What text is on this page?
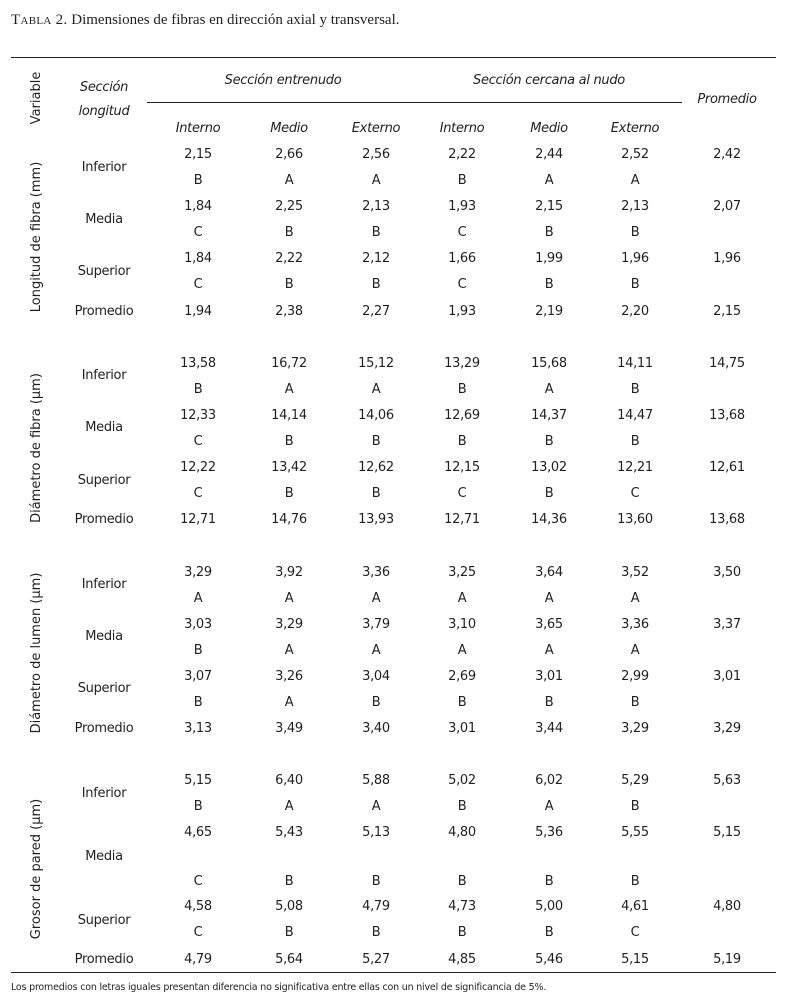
Tabla 2. Dimensiones de fibras en dirección axial y transversal.
Variable	Sección
longitud
Sección entrenudo	Sección cercana al nudo
Promedio
Interno	Medio	Externo	Interno	Medio	Externo
Longitud de fibra (mm)	Inferior
2,15	2,66	2,56	2,22	2,44	2,52	2,42
B	A	A	B	A	A
Media
1,84	2,25	2,13	1,93	2,15	2,13	2,07
C	B	B	C	B	B
Superior
1,84	2,22	2,12	1,66	1,99	1,96	1,96
C	B	B	C	B	B
Promedio	1,94	2,38	2,27	1,93	2,19	2,20	2,15
Diámetro de fibra (µm)	Inferior
13,58	16,72	15,12	13,29	15,68	14,11	14,75
B	A	A	B	A	B
Media
12,33	14,14	14,06	12,69	14,37	14,47	13,68
C	B	B	B	B	B
Superior
12,22	13,42	12,62	12,15	13,02	12,21	12,61
C	B	B	C	B	C
Promedio	12,71	14,76	13,93	12,71	14,36	13,60	13,68
Diámetro de lumen (µm)	Inferior
3,29	3,92	3,36	3,25	3,64	3,52	3,50
A	A	A	A	A	A
Media
3,03	3,29	3,79	3,10	3,65	3,36	3,37
B	A	A	A	A	A
Superior
3,07	3,26	3,04	2,69	3,01	2,99	3,01
B	A	B	B	B	B
Promedio	3,13	3,49	3,40	3,01	3,44	3,29	3,29
Grosor de pared (µm)
Inferior
5,15	6,40	5,88	5,02	6,02	5,29	5,63
B	A	A	B	A	B
Media
4,65	5,43	5,13	4,80	5,36	5,55	5,15
C	B	B	B	B	B
Superior
4,58	5,08	4,79	4,73	5,00	4,61	4,80
C	B	B	B	B	C
Promedio	4,79	5,64	5,27	4,85	5,46	5,15	5,19
Los promedios con letras iguales presentan diferencia no significativa entre ellas con un nivel de significancia de 5%.
